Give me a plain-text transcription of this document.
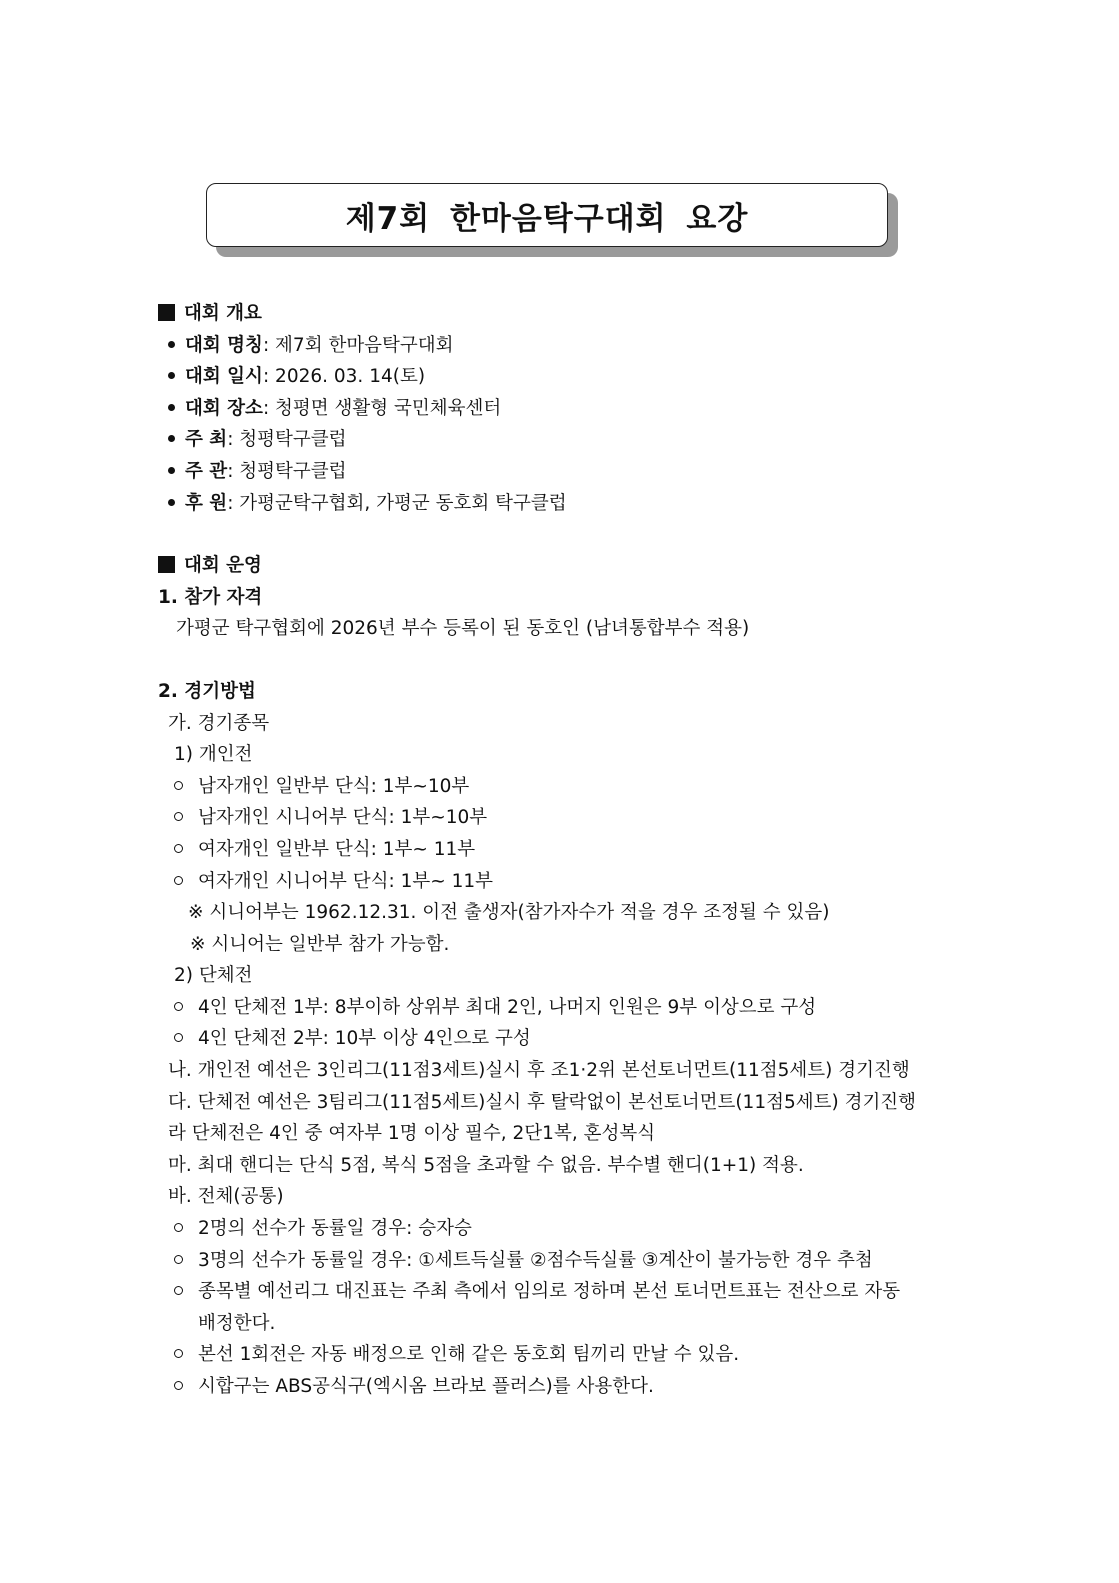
제7회 한마음탁구대회 요강
대회 개요
대회 명칭: 제7회 한마음탁구대회
대회 일시: 2026. 03. 14(토)
대회 장소: 청평면 생활형 국민체육센터
주 최: 청평탁구클럽
주 관: 청평탁구클럽
후 원: 가평군탁구협회, 가평군 동호회 탁구클럽
대회 운영
1. 참가 자격
가평군 탁구협회에 2026년 부수 등록이 된 동호인 (남녀통합부수 적용)
2. 경기방법
가. 경기종목
1) 개인전
남자개인 일반부 단식: 1부~10부
남자개인 시니어부 단식: 1부~10부
여자개인 일반부 단식: 1부~ 11부
여자개인 시니어부 단식: 1부~ 11부
※ 시니어부는 1962.12.31. 이전 출생자(참가자수가 적을 경우 조정될 수 있음)
※ 시니어는 일반부 참가 가능함.
2) 단체전
4인 단체전 1부: 8부이하 상위부 최대 2인, 나머지 인원은 9부 이상으로 구성
4인 단체전 2부: 10부 이상 4인으로 구성
나. 개인전 예선은 3인리그(11점3세트)실시 후 조1·2위 본선토너먼트(11점5세트) 경기진행
다. 단체전 예선은 3팀리그(11점5세트)실시 후 탈락없이 본선토너먼트(11점5세트) 경기진행
라 단체전은 4인 중 여자부 1명 이상 필수, 2단1복, 혼성복식
마. 최대 핸디는 단식 5점, 복식 5점을 초과할 수 없음. 부수별 핸디(1+1) 적용.
바. 전체(공통)
2명의 선수가 동률일 경우: 승자승
3명의 선수가 동률일 경우: ①세트득실률 ②점수득실률 ③계산이 불가능한 경우 추첨
종목별 예선리그 대진표는 주최 측에서 임의로 정하며 본선 토너먼트표는 전산으로 자동
배정한다.
본선 1회전은 자동 배정으로 인해 같은 동호회 팀끼리 만날 수 있음.
시합구는 ABS공식구(엑시옴 브라보 플러스)를 사용한다.
